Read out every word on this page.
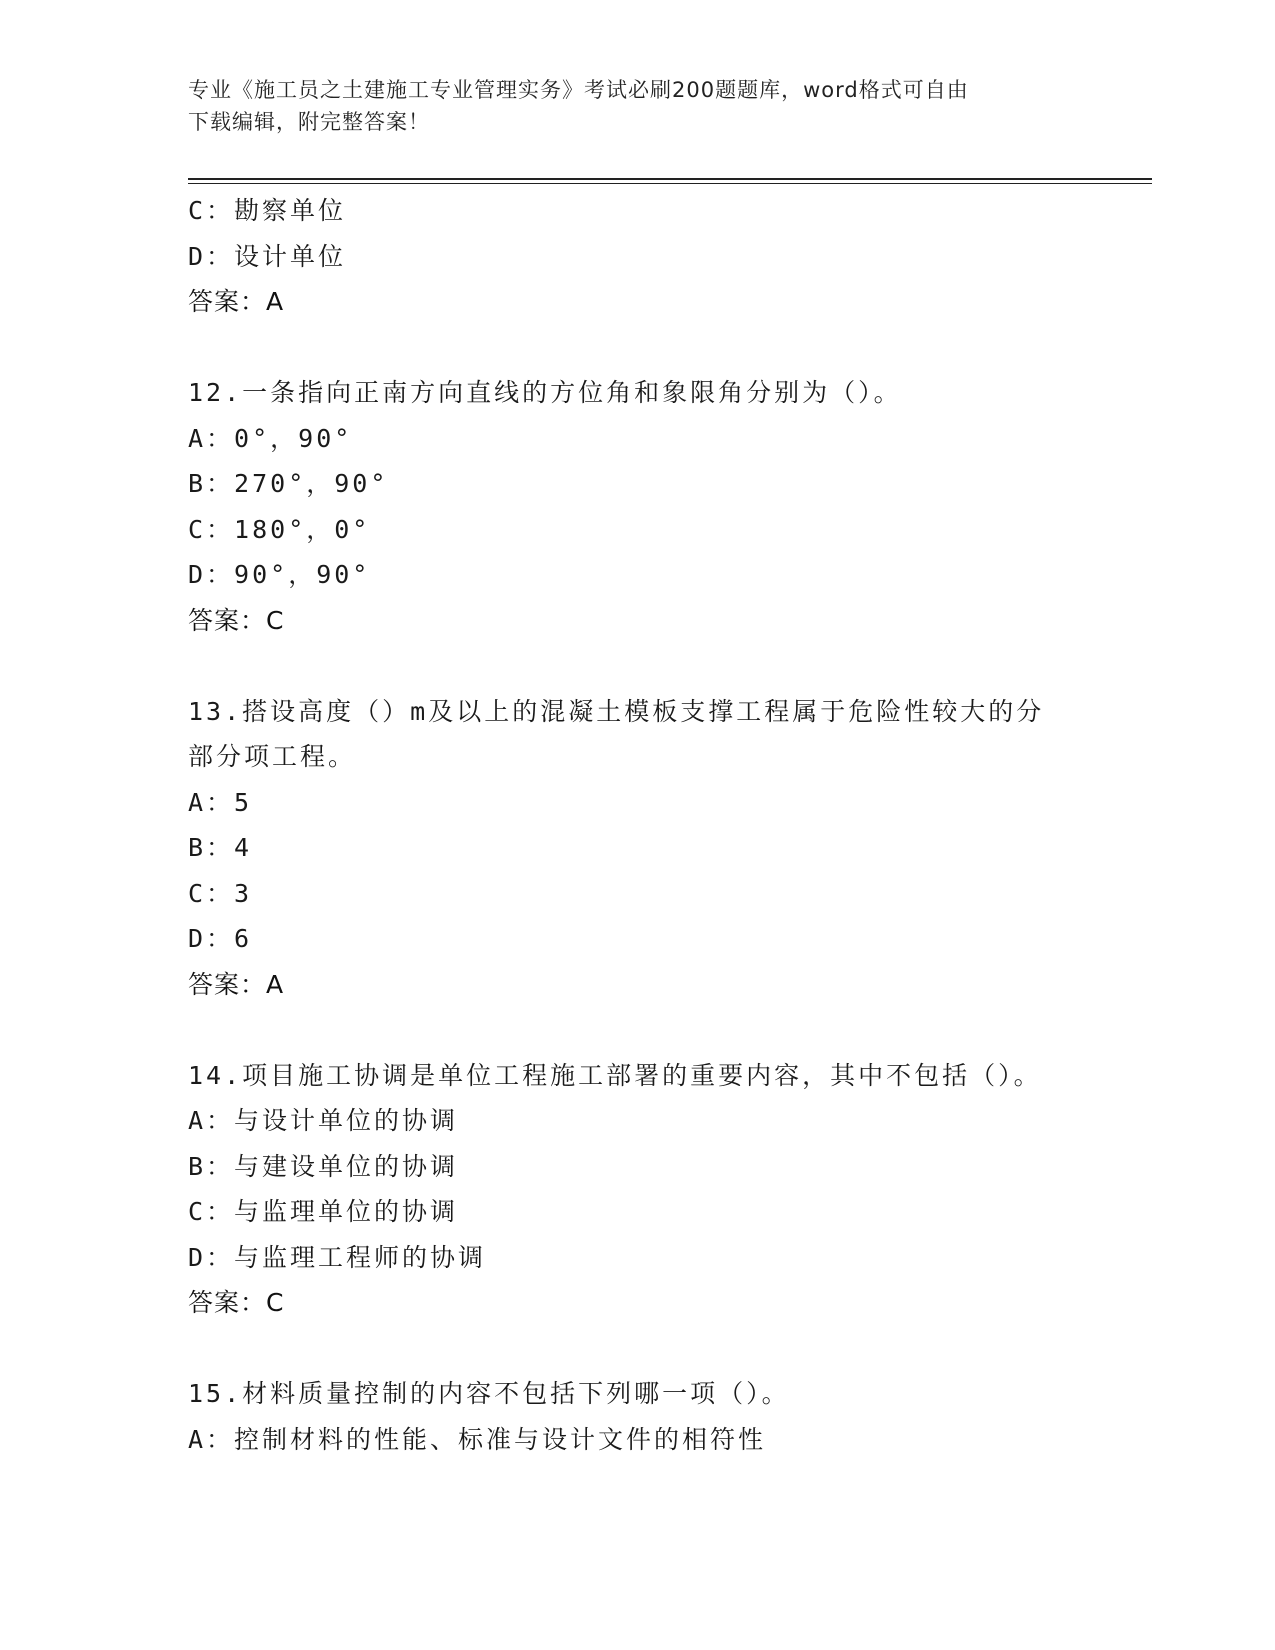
专业《施工员之土建施工专业管理实务》考试必刷200题题库，word格式可自由
下载编辑，附完整答案！
C：勘察单位
D：设计单位
答案：A
12.一条指向正南方向直线的方位角和象限角分别为（）。
A：0°，90°
B：270°，90°
C：180°，0°
D：90°，90°
答案：C
13.搭设高度（）m及以上的混凝土模板支撑工程属于危险性较大的分
部分项工程。
A：5
B：4
C：3
D：6
答案：A
14.项目施工协调是单位工程施工部署的重要内容，其中不包括（）。
A：与设计单位的协调
B：与建设单位的协调
C：与监理单位的协调
D：与监理工程师的协调
答案：C
15.材料质量控制的内容不包括下列哪一项（）。
A：控制材料的性能、标准与设计文件的相符性
